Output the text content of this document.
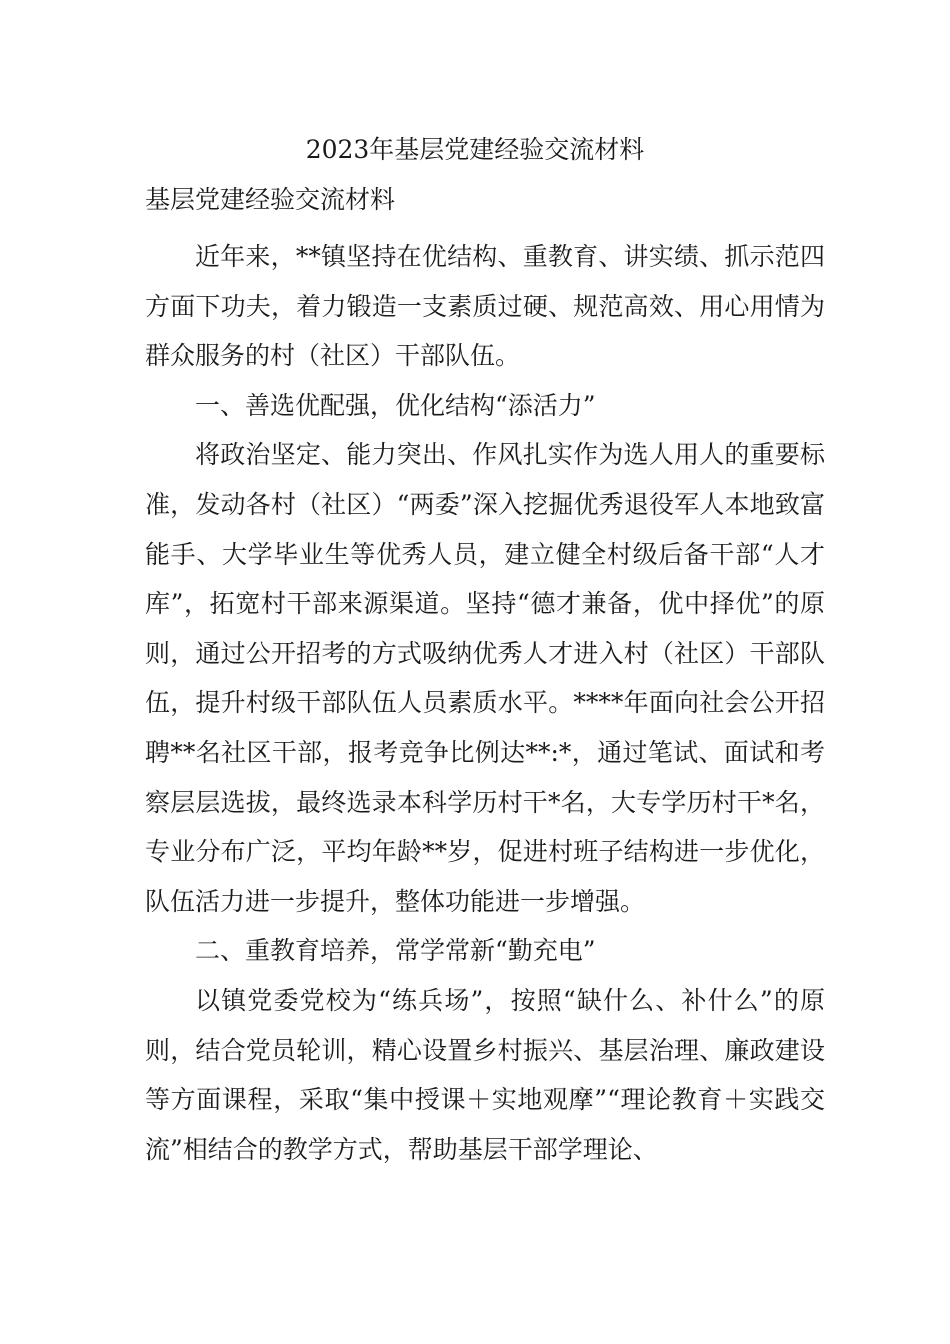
2023年基层党建经验交流材料
基层党建经验交流材料

近年来，**镇坚持在优结构、重教育、讲实绩、抓示范四方面下功夫，着力锻造一支素质过硬、规范高效、用心用情为群众服务的村（社区）干部队伍。

一、善选优配强，优化结构“添活力”

将政治坚定、能力突出、作风扎实作为选人用人的重要标准，发动各村（社区）“两委”深入挖掘优秀退役军人本地致富能手、大学毕业生等优秀人员，建立健全村级后备干部“人才库”，拓宽村干部来源渠道。坚持“德才兼备，优中择优”的原则，通过公开招考的方式吸纳优秀人才进入村（社区）干部队伍，提升村级干部队伍人员素质水平。****年面向社会公开招聘**名社区干部，报考竞争比例达**:*，通过笔试、面试和考察层层选拔，最终选录本科学历村干*名，大专学历村干*名，专业分布广泛，平均年龄**岁，促进村班子结构进一步优化，队伍活力进一步提升，整体功能进一步增强。

二、重教育培养，常学常新“勤充电”

以镇党委党校为“练兵场”，按照“缺什么、补什么”的原则，结合党员轮训，精心设置乡村振兴、基层治理、廉政建设等方面课程，采取“集中授课＋实地观摩”“理论教育＋实践交流”相结合的教学方式，帮助基层干部学理论、
